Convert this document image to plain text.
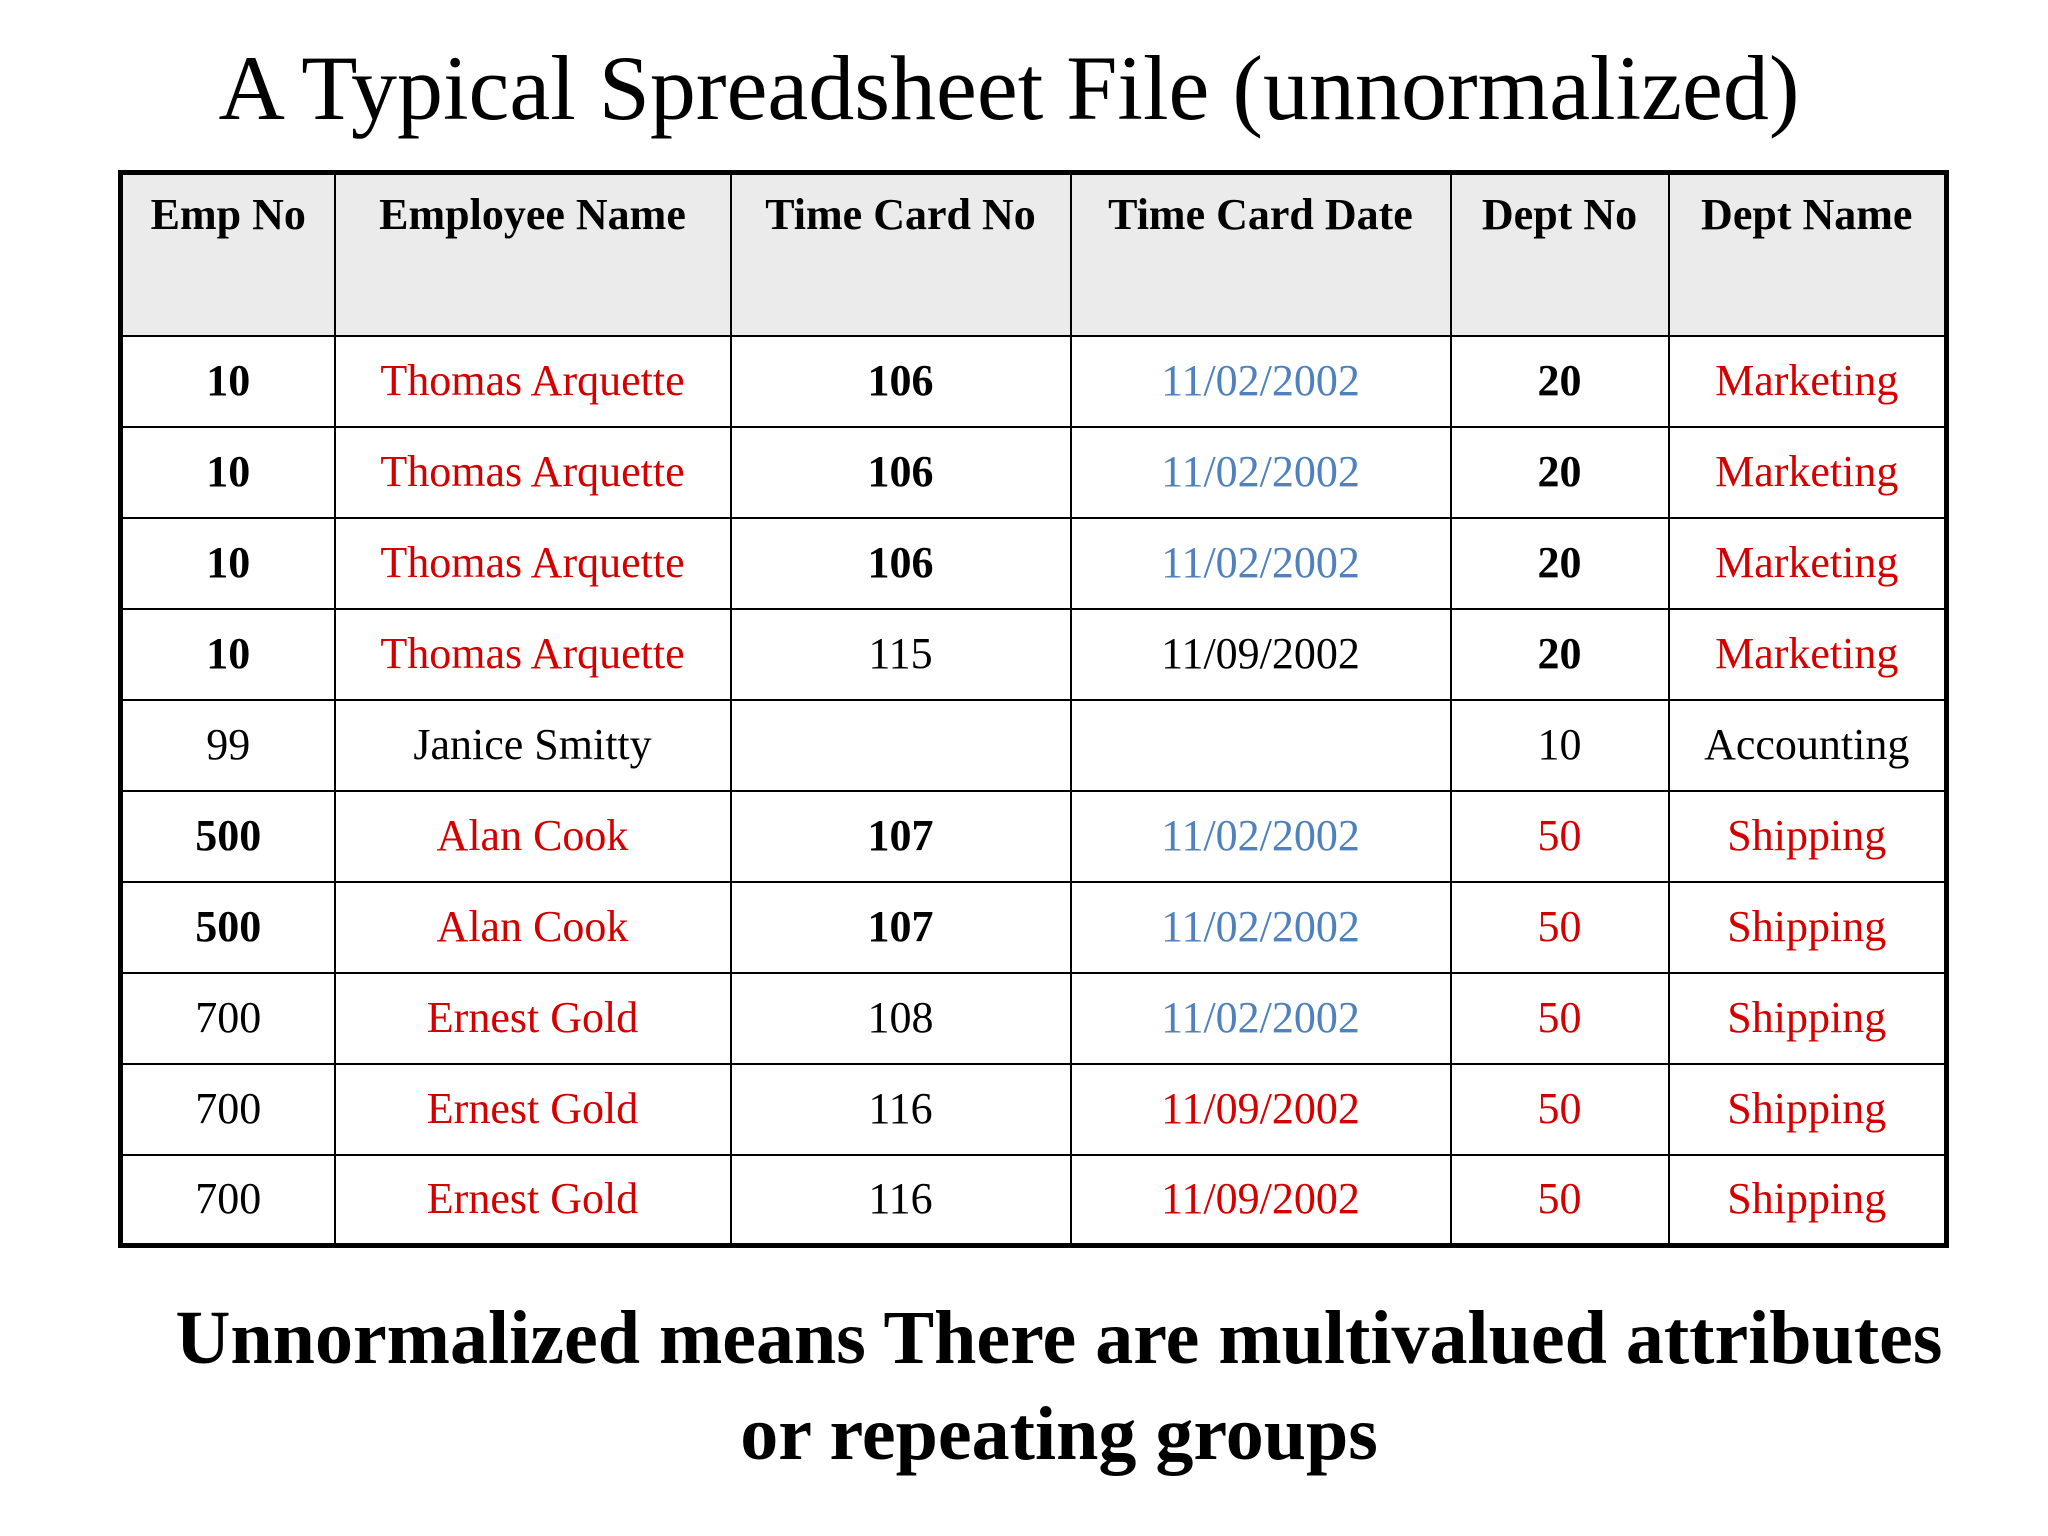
A Typical Spreadsheet File (unnormalized)
Emp No	Employee Name	Time Card No	Time Card Date	Dept No	Dept Name
10	Thomas Arquette	106	11/02/2002	20	Marketing
10	Thomas Arquette	106	11/02/2002	20	Marketing
10	Thomas Arquette	106	11/02/2002	20	Marketing
10	Thomas Arquette	115	11/09/2002	20	Marketing
99	Janice Smitty			10	Accounting
500	Alan Cook	107	11/02/2002	50	Shipping
500	Alan Cook	107	11/02/2002	50	Shipping
700	Ernest Gold	108	11/02/2002	50	Shipping
700	Ernest Gold	116	11/09/2002	50	Shipping
700	Ernest Gold	116	11/09/2002	50	Shipping
Unnormalized means There are multivalued attributes
or repeating groups
